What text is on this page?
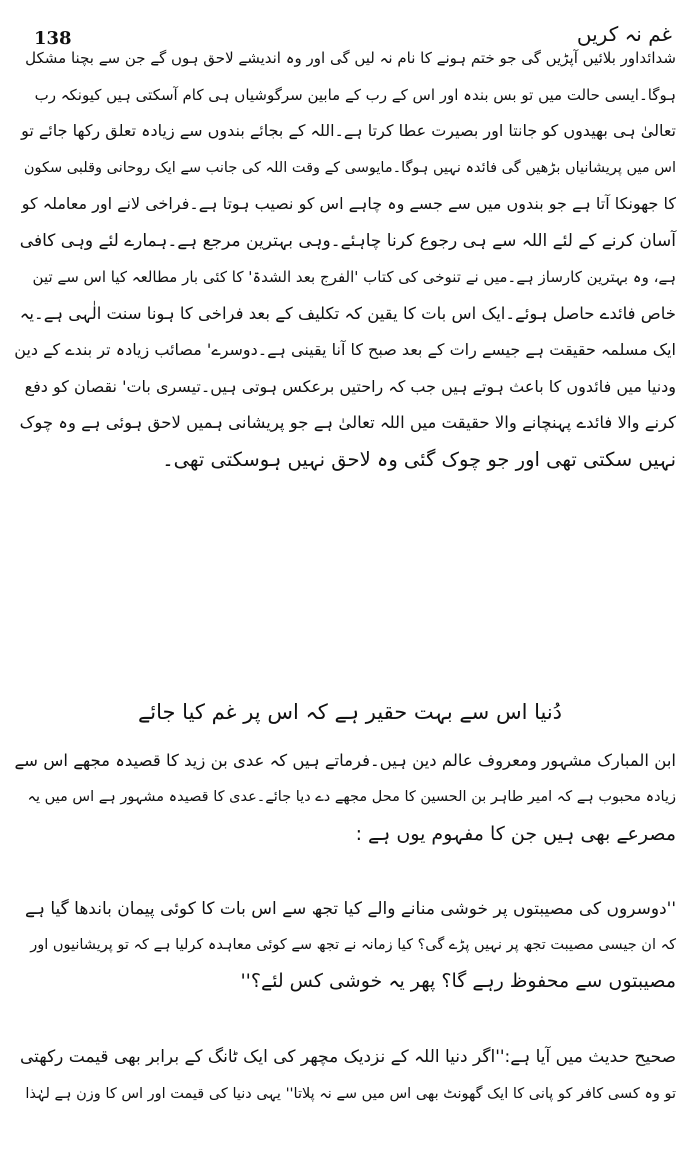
غم نہ کریں
138
شدائداور بلائیں آپڑیں گی جو ختم ہونے کا نام نہ لیں گی اور وہ اندیشے لاحق ہوں گے جن سے بچنا مشکل
ہوگا۔ایسی حالت میں تو بس بندہ اور اس کے رب کے مابین سرگوشیاں ہی کام آسکتی ہیں کیونکہ رب
تعالیٰ ہی بھیدوں کو جانتا اور بصیرت عطا کرتا ہے۔اللہ کے بجائے بندوں سے زیادہ تعلق رکھا جائے تو
اس میں پریشانیاں بڑھیں گی فائدہ نہیں ہوگا۔مایوسی کے وقت اللہ کی جانب سے ایک روحانی وقلبی سکون
کا جھونکا آتا ہے جو بندوں میں سے جسے وہ چاہے اس کو نصیب ہوتا ہے۔فراخی لانے اور معاملہ کو
آسان کرنے کے لئے اللہ سے ہی رجوع کرنا چاہئے۔وہی بہترین مرجع ہے۔ہمارے لئے وہی کافی
ہے، وہ بہترین کارساز ہے۔میں نے تنوخی کی کتاب 'الفرج بعد الشدۃ' کا کئی بار مطالعہ کیا اس سے تین
خاص فائدے حاصل ہوئے۔ایک اس بات کا یقین کہ تکلیف کے بعد فراخی کا ہونا سنت الٰہی ہے۔یہ
ایک مسلمہ حقیقت ہے جیسے رات کے بعد صبح کا آنا یقینی ہے۔دوسرے' مصائب زیادہ تر بندے کے دین
ودنیا میں فائدوں کا باعث ہوتے ہیں جب کہ راحتیں برعکس ہوتی ہیں۔تیسری بات' نقصان کو دفع
کرنے والا فائدے پہنچانے والا حقیقت میں اللہ تعالیٰ ہے جو پریشانی ہمیں لاحق ہوئی ہے وہ چوک
نہیں سکتی تھی اور جو چوک گئی وہ لاحق نہیں ہوسکتی تھی۔
دُنیا اس سے بہت حقیر ہے کہ اس پر غم کیا جائے
ابن المبارک مشہور ومعروف عالم دین ہیں۔فرماتے ہیں کہ عدی بن زید کا قصیدہ مجھے اس سے
زیادہ محبوب ہے کہ امیر طاہر بن الحسین کا محل مجھے دے دیا جائے۔عدی کا قصیدہ مشہور ہے اس میں یہ
مصرعے بھی ہیں جن کا مفہوم یوں ہے :
''دوسروں کی مصیبتوں پر خوشی منانے والے کیا تجھ سے اس بات کا کوئی پیمان باندھا گیا ہے
کہ ان جیسی مصیبت تجھ پر نہیں پڑے گی؟ کیا زمانہ نے تجھ سے کوئی معاہدہ کرلیا ہے کہ تو پریشانیوں اور
مصیبتوں سے محفوظ رہے گا؟ پھر یہ خوشی کس لئے؟''
صحیح حدیث میں آیا ہے:''اگر دنیا اللہ کے نزدیک مچھر کی ایک ٹانگ کے برابر بھی قیمت رکھتی
تو وہ کسی کافر کو پانی کا ایک گھونٹ بھی اس میں سے نہ پلاتا'' یہی دنیا کی قیمت اور اس کا وزن ہے لہٰذا
